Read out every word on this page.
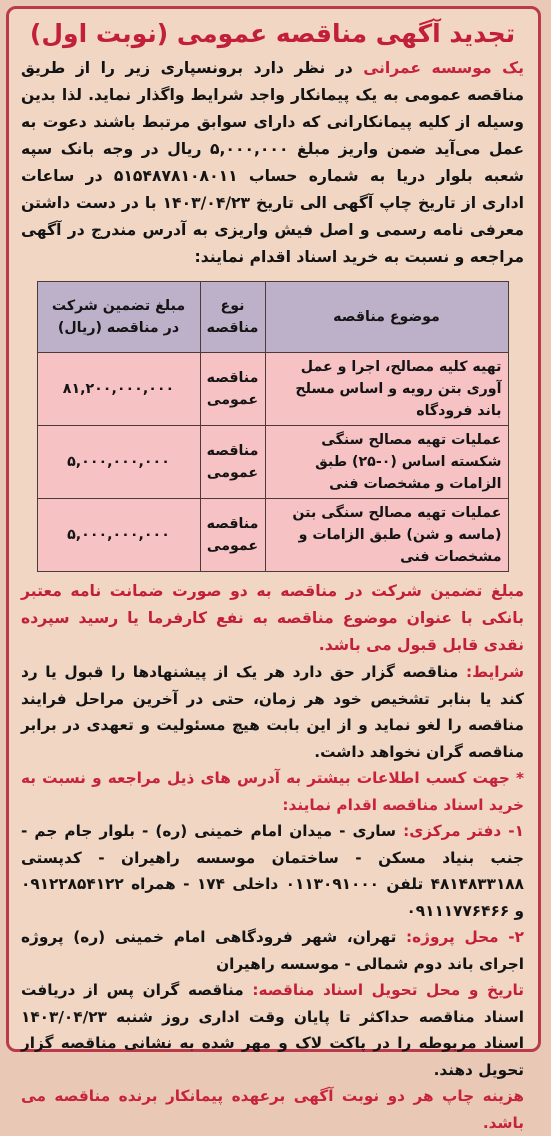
تجدید آگهی مناقصه عمومی (نوبت اول)

یک موسسه عمرانی در نظر دارد برونسپاری زیر را از طریق مناقصه عمومی به یک پیمانکار واجد شرایط واگذار نماید. لذا بدین وسیله از کلیه پیمانکارانی که دارای سوابق مرتبط باشند دعوت به عمل می‌آید ضمن واریز مبلغ ۵,۰۰۰,۰۰۰ ریال در وجه بانک سپه شعبه بلوار دریا به شماره حساب ۵۱۵۴۸۷۸۱۰۸۰۱۱ در ساعات اداری از تاریخ چاپ آگهی الی تاریخ ۱۴۰۳/۰۴/۲۳ با در دست داشتن معرفی نامه رسمی و اصل فیش واریزی به آدرس مندرج در آگهی مراجعه و نسبت به خرید اسناد اقدام نمایند:

موضوع مناقصه	نوع مناقصه	مبلغ تضمین شرکت در مناقصه (ریال)
تهیه کلیه مصالح، اجرا و عمل آوری بتن رویه و اساس مسلح باند فرودگاه	مناقصه عمومی	۸۱,۲۰۰,۰۰۰,۰۰۰
عملیات تهیه مصالح سنگی شکسته اساس (۰-۲۵) طبق الزامات و مشخصات فنی	مناقصه عمومی	۵,۰۰۰,۰۰۰,۰۰۰
عملیات تهیه مصالح سنگی بتن (ماسه و شن) طبق الزامات و مشخصات فنی	مناقصه عمومی	۵,۰۰۰,۰۰۰,۰۰۰
مبلغ تضمین شرکت در مناقصه به دو صورت ضمانت نامه معتبر بانکی با عنوان موضوع مناقصه به نفع کارفرما یا رسید سپرده نقدی قابل قبول می باشد.

شرایط: مناقصه گزار حق دارد هر یک از پیشنهادها را قبول یا رد کند یا بنابر تشخیص خود هر زمان، حتی در آخرین مراحل فرایند مناقصه را لغو نماید و از این بابت هیچ مسئولیت و تعهدی در برابر مناقصه گران نخواهد داشت.

* جهت کسب اطلاعات بیشتر به آدرس های ذیل مراجعه و نسبت به خرید اسناد مناقصه اقدام نمایند:

۱- دفتر مرکزی: ساری - میدان امام خمینی (ره) - بلوار جام جم - جنب بنیاد مسکن - ساختمان موسسه راهیران - کدپستی ۴۸۱۴۸۳۳۱۸۸ تلفن ۰۱۱۳۰۹۱۰۰۰ داخلی ۱۷۴ - همراه ۰۹۱۲۲۸۵۴۱۲۲ و ۰۹۱۱۱۷۷۶۴۶۶

۲- محل پروژه: تهران، شهر فرودگاهی امام خمینی (ره) پروژه اجرای باند دوم شمالی - موسسه راهیران

تاریخ و محل تحویل اسناد مناقصه: مناقصه گران پس از دریافت اسناد مناقصه حداکثر تا پایان وقت اداری روز شنبه ۱۴۰۳/۰۴/۲۳ اسناد مربوطه را در پاکت لاک و مهر شده به نشانی مناقصه گزار تحویل دهند.

هزینه چاپ هر دو نوبت آگهی برعهده پیمانکار برنده مناقصه می باشد.
